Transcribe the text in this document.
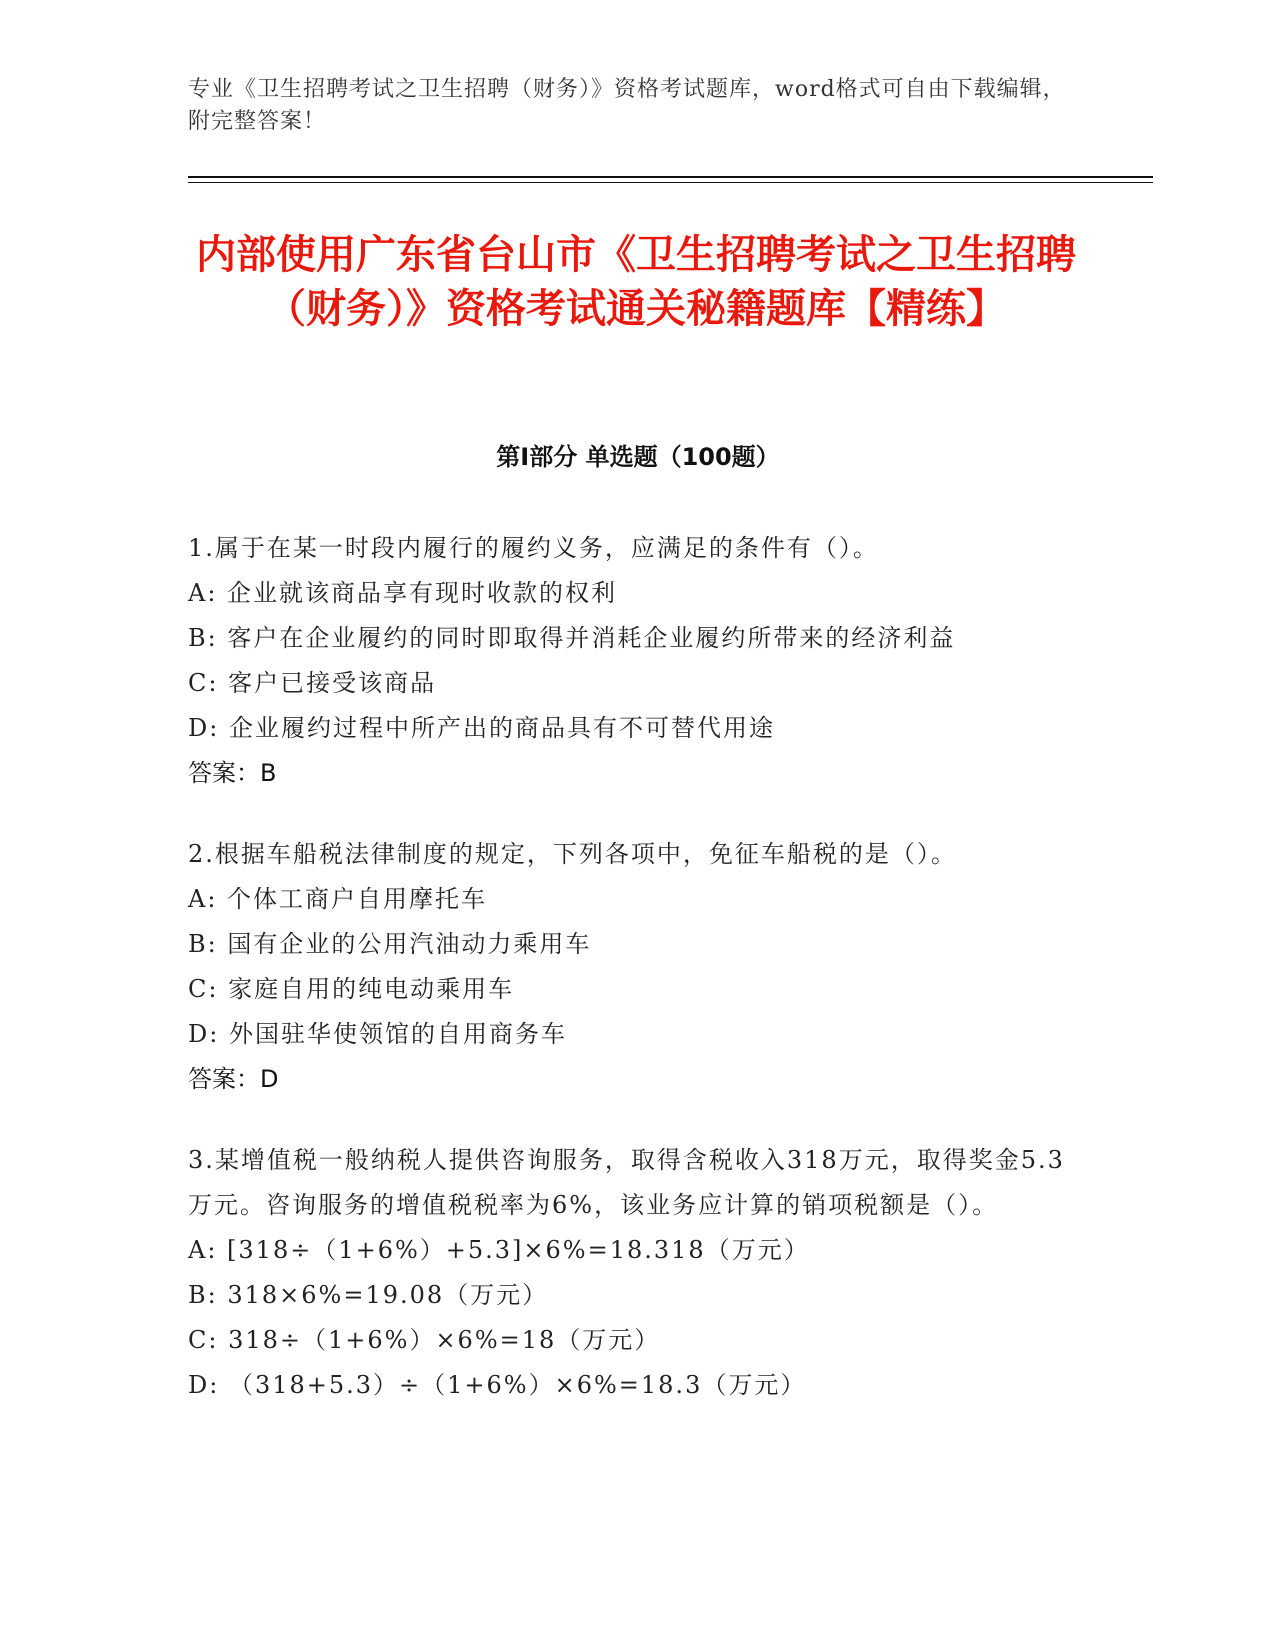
专业《卫生招聘考试之卫生招聘（财务）》资格考试题库，word格式可自由下载编辑，附完整答案！
内部使用广东省台山市《卫生招聘考试之卫生招聘（财务）》资格考试通关秘籍题库【精练】
第Ⅰ部分 单选题（100题）
1.属于在某一时段内履行的履约义务，应满足的条件有（）。
A: 企业就该商品享有现时收款的权利
B: 客户在企业履约的同时即取得并消耗企业履约所带来的经济利益
C: 客户已接受该商品
D: 企业履约过程中所产出的商品具有不可替代用途
答案：B
2.根据车船税法律制度的规定，下列各项中，免征车船税的是（）。
A: 个体工商户自用摩托车
B: 国有企业的公用汽油动力乘用车
C: 家庭自用的纯电动乘用车
D: 外国驻华使领馆的自用商务车
答案：D
3.某增值税一般纳税人提供咨询服务，取得含税收入318万元，取得奖金5.3万元。咨询服务的增值税税率为6%，该业务应计算的销项税额是（）。
A: [318÷（1+6%）+5.3]×6%=18.318（万元）
B: 318×6%=19.08（万元）
C: 318÷（1+6%）×6%=18（万元）
D: （318+5.3）÷（1+6%）×6%=18.3（万元）
